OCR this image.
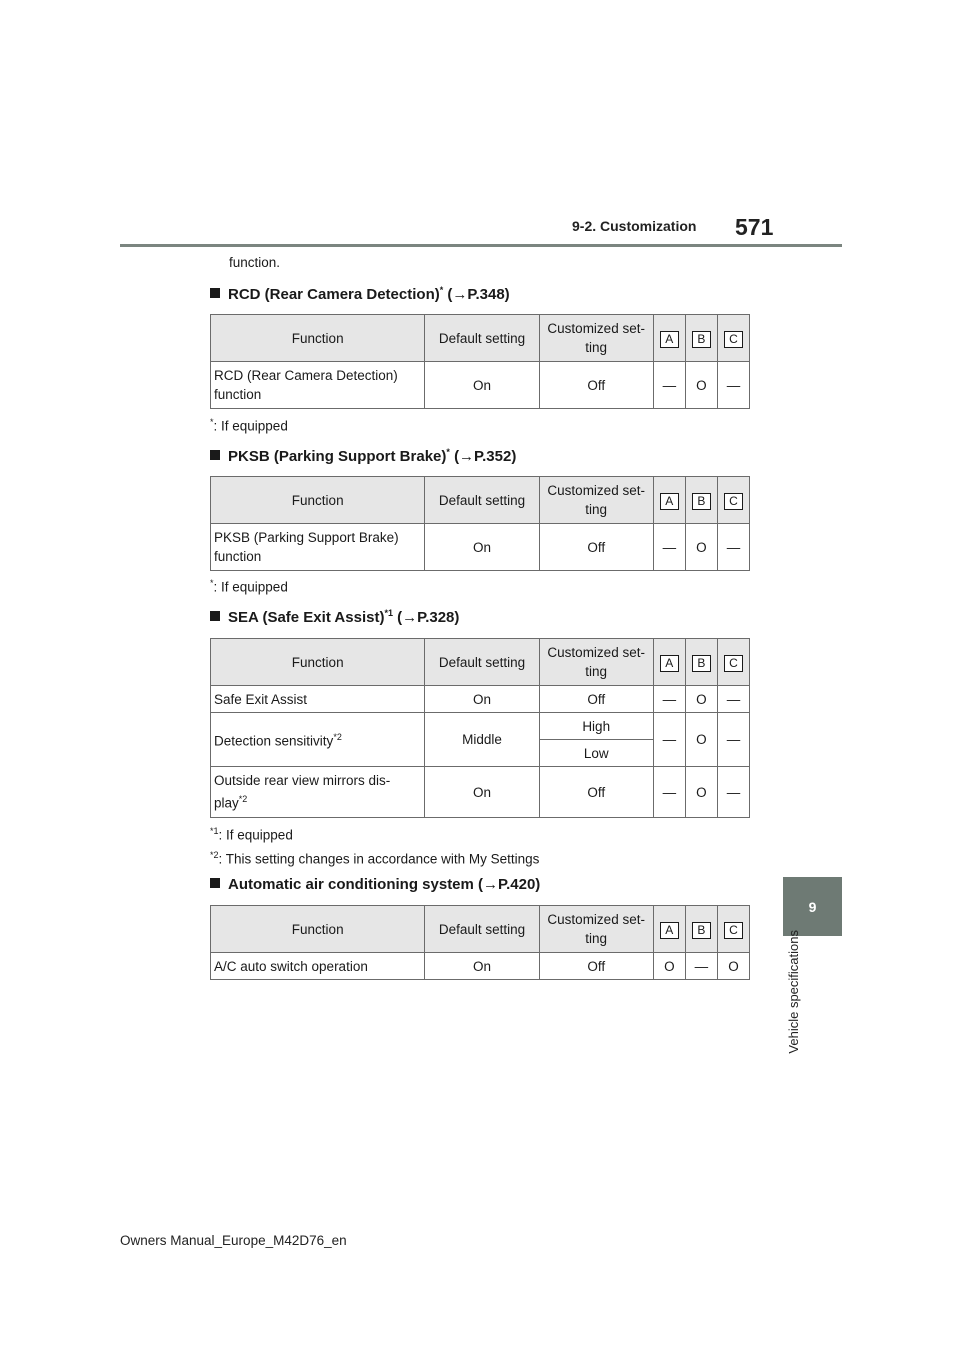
9-2. Customization 571
9
Vehicle specifications
function.
RCD (Rear Camera Detection)* (→P.348)
Function	Default setting	Customized set-
ting	A	B	C
RCD (Rear Camera Detection)
function	On	Off	—	O	—
*: If equipped
PKSB (Parking Support Brake)* (→P.352)
Function	Default setting	Customized set-
ting	A	B	C
PKSB (Parking Support Brake)
function	On	Off	—	O	—
*: If equipped
SEA (Safe Exit Assist)$^{*1}$ (→P.328)
Function	Default setting	Customized set-
ting	A	B	C
Safe Exit Assist	On	Off	—	O	—
Detection sensitivity$^{*2}$	Middle	High	—	O	—
		Low			
Outside rear view mirrors dis-
play$^{*2}$	On	Off	—	O	—
$^{*1}$: If equipped
$^{*2}$: This setting changes in accordance with My Settings
Automatic air conditioning system (→P.420)
Function	Default setting	Customized set-
ting	A	B	C
A/C auto switch operation	On	Off	O	—	O
Owners Manual_Europe_M42D76_en
